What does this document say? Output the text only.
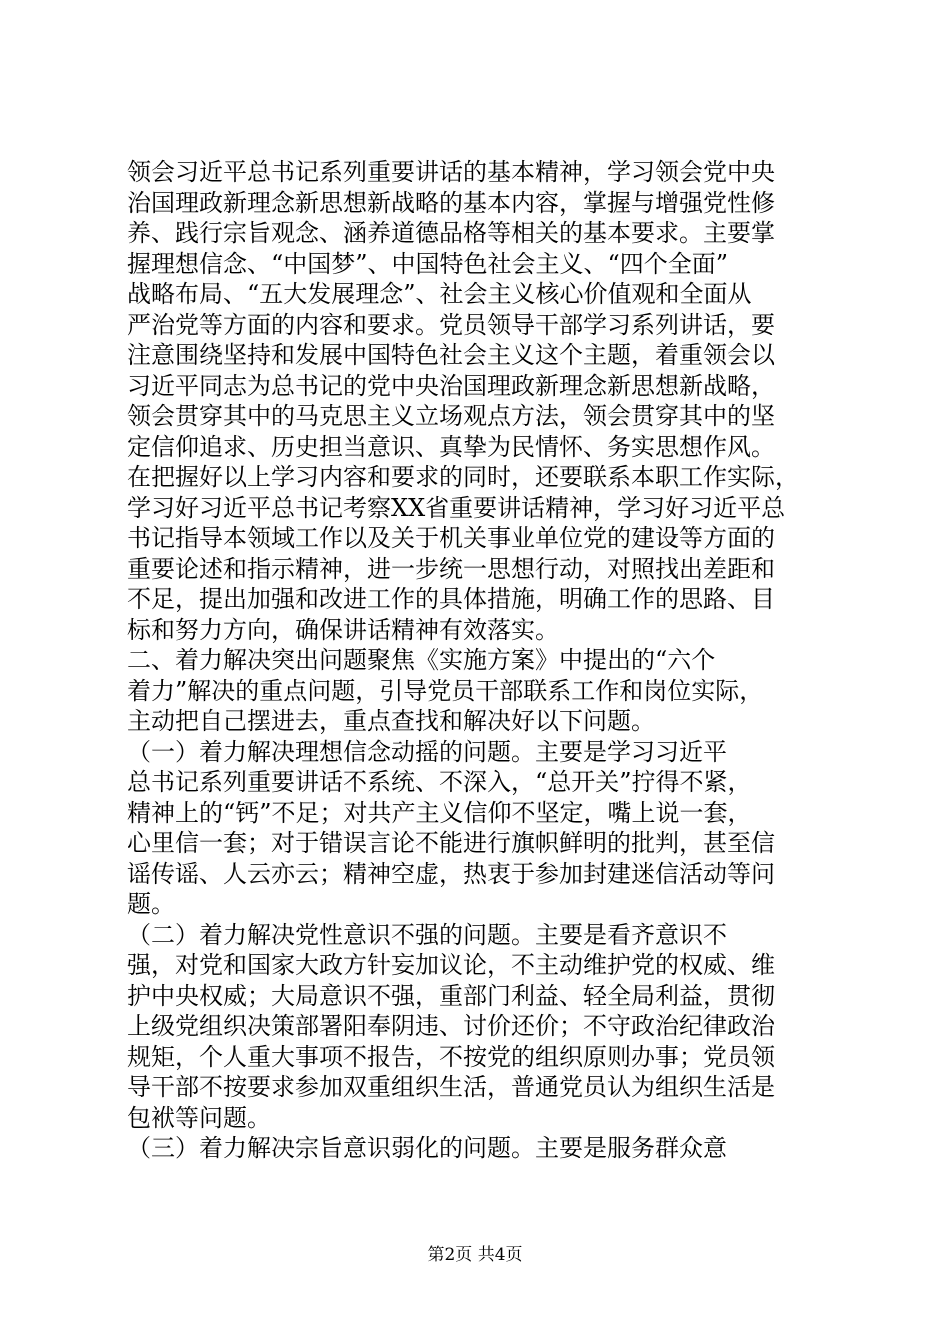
领会习近平总书记系列重要讲话的基本精神，学习领会党中央
治国理政新理念新思想新战略的基本内容，掌握与增强党性修
养、践行宗旨观念、涵养道德品格等相关的基本要求。主要掌
握理想信念、“中国梦”、中国特色社会主义、“四个全面”
战略布局、“五大发展理念”、社会主义核心价值观和全面从
严治党等方面的内容和要求。党员领导干部学习系列讲话，要
注意围绕坚持和发展中国特色社会主义这个主题，着重领会以
习近平同志为总书记的党中央治国理政新理念新思想新战略，
领会贯穿其中的马克思主义立场观点方法，领会贯穿其中的坚
定信仰追求、历史担当意识、真挚为民情怀、务实思想作风。
在把握好以上学习内容和要求的同时，还要联系本职工作实际，
学习好习近平总书记考察XX省重要讲话精神，学习好习近平总
书记指导本领域工作以及关于机关事业单位党的建设等方面的
重要论述和指示精神，进一步统一思想行动，对照找出差距和
不足，提出加强和改进工作的具体措施，明确工作的思路、目
标和努力方向，确保讲话精神有效落实。

二、着力解决突出问题聚焦《实施方案》中提出的“六个
着力”解决的重点问题，引导党员干部联系工作和岗位实际，
主动把自己摆进去，重点查找和解决好以下问题。

（一）着力解决理想信念动摇的问题。主要是学习习近平
总书记系列重要讲话不系统、不深入，“总开关”拧得不紧，
精神上的“钙”不足；对共产主义信仰不坚定，嘴上说一套，
心里信一套；对于错误言论不能进行旗帜鲜明的批判，甚至信
谣传谣、人云亦云；精神空虚，热衷于参加封建迷信活动等问
题。

（二）着力解决党性意识不强的问题。主要是看齐意识不
强，对党和国家大政方针妄加议论，不主动维护党的权威、维
护中央权威；大局意识不强，重部门利益、轻全局利益，贯彻
上级党组织决策部署阳奉阴违、讨价还价；不守政治纪律政治
规矩，个人重大事项不报告，不按党的组织原则办事；党员领
导干部不按要求参加双重组织生活，普通党员认为组织生活是
包袱等问题。

（三）着力解决宗旨意识弱化的问题。主要是服务群众意

第2页 共4页
